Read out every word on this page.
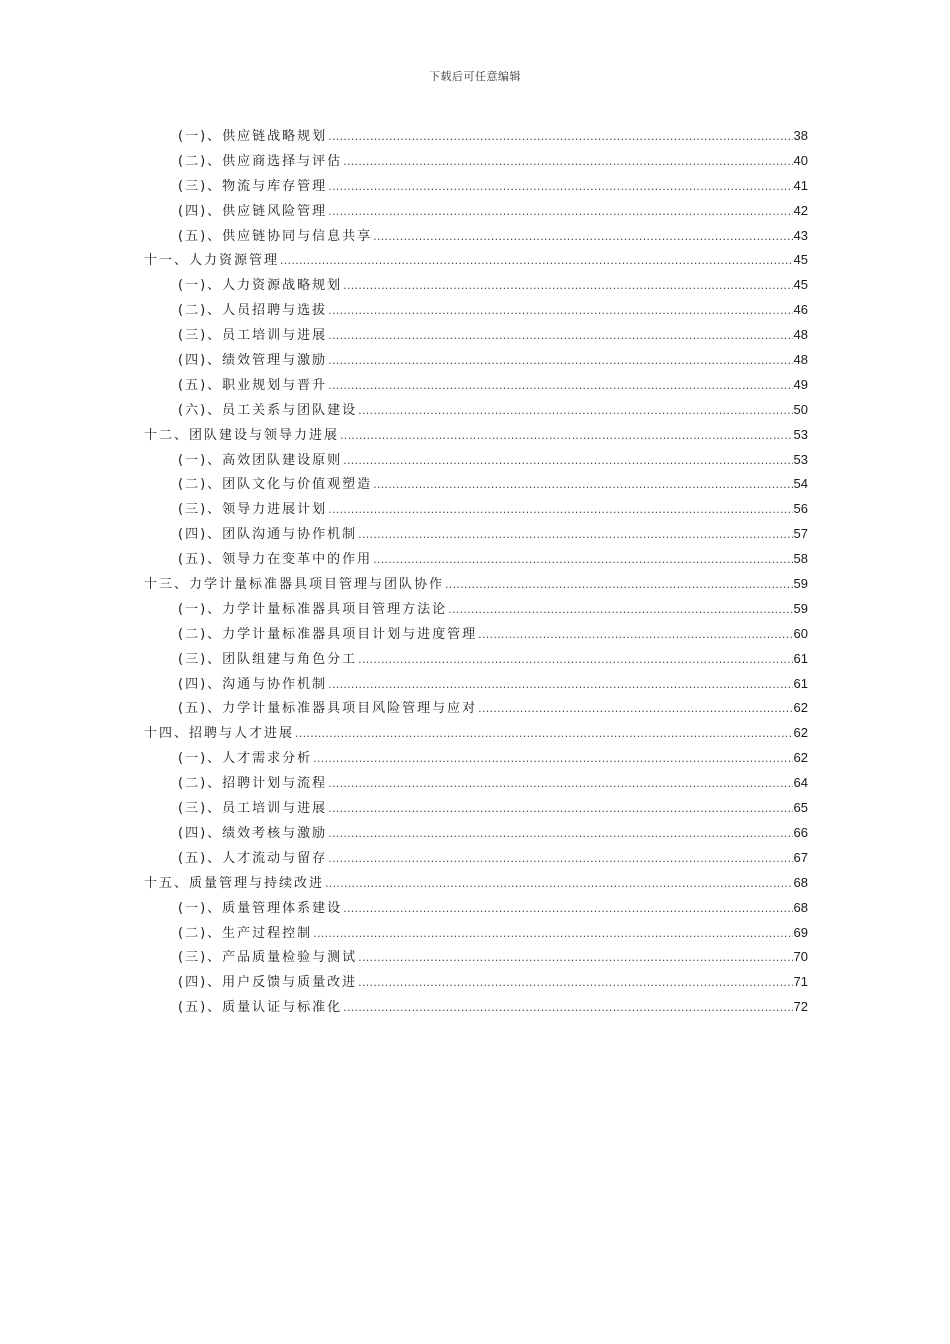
下载后可任意编辑
(一)、供应链战略规划 .....	38
(二)、供应商选择与评估 .....	40
(三)、物流与库存管理 .....	41
(四)、供应链风险管理 .....	42
(五)、供应链协同与信息共享 .....	43
十一、人力资源管理 .....	45
(一)、人力资源战略规划 .....	45
(二)、人员招聘与选拔 .....	46
(三)、员工培训与进展 .....	48
(四)、绩效管理与激励 .....	48
(五)、职业规划与晋升 .....	49
(六)、员工关系与团队建设 .....	50
十二、团队建设与领导力进展 .....	53
(一)、高效团队建设原则 .....	53
(二)、团队文化与价值观塑造 .....	54
(三)、领导力进展计划 .....	56
(四)、团队沟通与协作机制 .....	57
(五)、领导力在变革中的作用 .....	58
十三、力学计量标准器具项目管理与团队协作 .....	59
(一)、力学计量标准器具项目管理方法论 .....	59
(二)、力学计量标准器具项目计划与进度管理 .....	60
(三)、团队组建与角色分工 .....	61
(四)、沟通与协作机制 .....	61
(五)、力学计量标准器具项目风险管理与应对 .....	62
十四、招聘与人才进展 .....	62
(一)、人才需求分析 .....	62
(二)、招聘计划与流程 .....	64
(三)、员工培训与进展 .....	65
(四)、绩效考核与激励 .....	66
(五)、人才流动与留存 .....	67
十五、质量管理与持续改进 .....	68
(一)、质量管理体系建设 .....	68
(二)、生产过程控制 .....	69
(三)、产品质量检验与测试 .....	70
(四)、用户反馈与质量改进 .....	71
(五)、质量认证与标准化 .....	72
